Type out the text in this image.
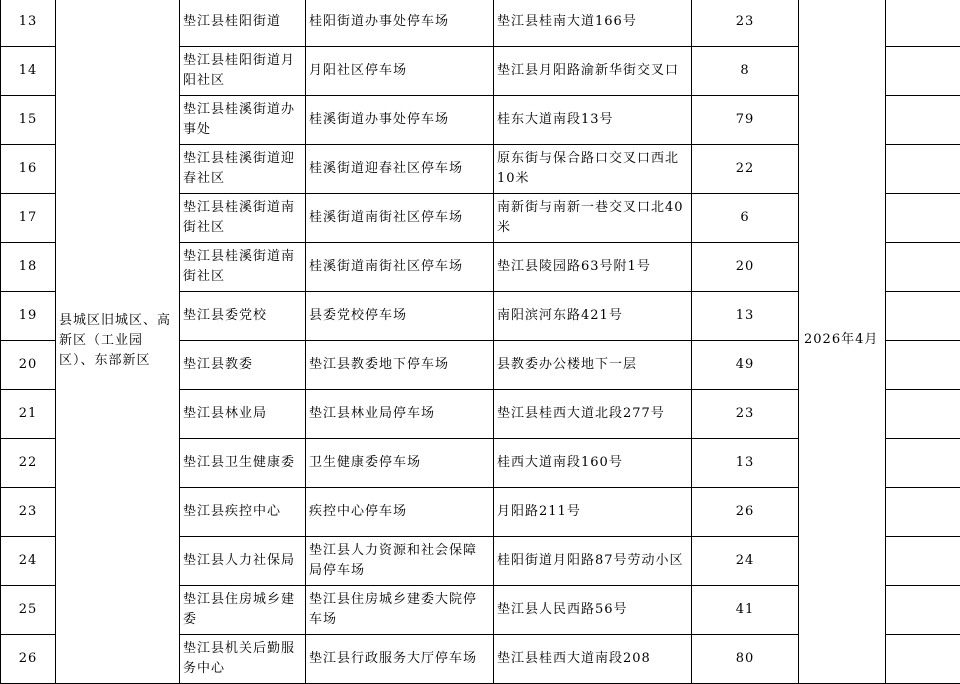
13	县城区旧城区、高新区（工业园区）、东部新区	垫江县桂阳街道	桂阳街道办事处停车场	垫江县桂南大道166号	23	2026年4月	

14		垫江县桂阳街道月阳社区	月阳社区停车场	垫江县月阳路渝新华街交叉口	8		
15		垫江县桂溪街道办事处	桂溪街道办事处停车场	桂东大道南段13号	79		
16		垫江县桂溪街道迎春社区	桂溪街道迎春社区停车场	原东街与保合路口交叉口西北10米	22		
17		垫江县桂溪街道南街社区	桂溪街道南街社区停车场	南新街与南新一巷交叉口北40米	6		
18		垫江县桂溪街道南街社区	桂溪街道南街社区停车场	垫江县陵园路63号附1号	20		
19		垫江县委党校	县委党校停车场	南阳滨河东路421号	13		
20		垫江县教委	垫江县教委地下停车场	县教委办公楼地下一层	49		
21		垫江县林业局	垫江县林业局停车场	垫江县桂西大道北段277号	23		
22		垫江县卫生健康委	卫生健康委停车场	桂西大道南段160号	13		
23		垫江县疾控中心	疾控中心停车场	月阳路211号	26		
24		垫江县人力社保局	垫江县人力资源和社会保障局停车场	桂阳街道月阳路87号劳动小区	24		
25		垫江县住房城乡建委	垫江县住房城乡建委大院停车场	垫江县人民西路56号	41		
26		垫江县机关后勤服务中心	垫江县行政服务大厅停车场	垫江县桂西大道南段208	80		
